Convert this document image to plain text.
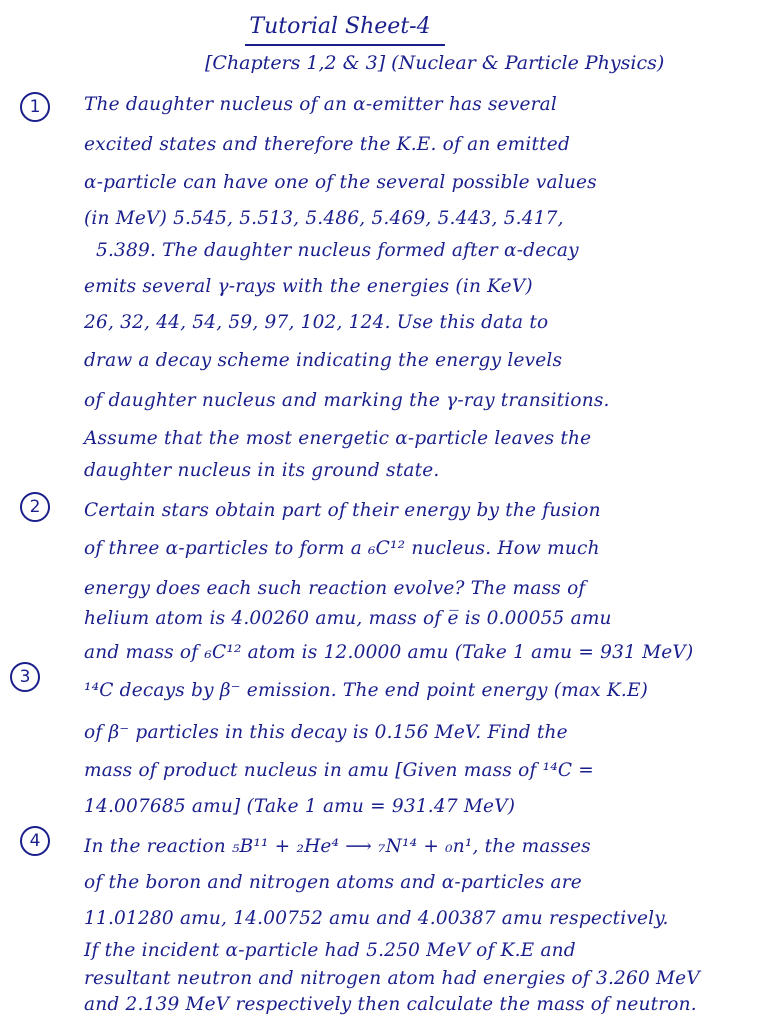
Tutorial Sheet-4
[Chapters 1,2 & 3] (Nuclear & Particle Physics)
1	The daughter nucleus of an α-emitter has several
excited states and therefore the K.E. of an emitted
α-particle can have one of the several possible values
(in MeV) 5.545, 5.513, 5.486, 5.469, 5.443, 5.417,
5.389. The daughter nucleus formed after α-decay
emits several γ-rays with the energies (in KeV)
26, 32, 44, 54, 59, 97, 102, 124. Use this data to
draw a decay scheme indicating the energy levels
of daughter nucleus and marking the γ-ray transitions.
Assume that the most energetic α-particle leaves the
daughter nucleus in its ground state.
2	Certain stars obtain part of their energy by the fusion
of three α-particles to form a ₆C¹² nucleus. How much
energy does each such reaction evolve? The mass of
helium atom is 4.00260 amu, mass of e̅ is 0.00055 amu
and mass of ₆C¹² atom is 12.0000 amu (Take 1 amu = 931 MeV)
3
¹⁴C decays by β⁻ emission. The end point energy (max K.E)
of β⁻ particles in this decay is 0.156 MeV. Find the
mass of product nucleus in amu [Given mass of ¹⁴C =
14.007685 amu] (Take 1 amu = 931.47 MeV)
4	In the reaction ₅B¹¹ + ₂He⁴ ⟶ ₇N¹⁴ + ₀n¹, the masses
of the boron and nitrogen atoms and α-particles are
11.01280 amu, 14.00752 amu and 4.00387 amu respectively.
If the incident α-particle had 5.250 MeV of K.E and
resultant neutron and nitrogen atom had energies of 3.260 MeV
and 2.139 MeV respectively then calculate the mass of neutron.
